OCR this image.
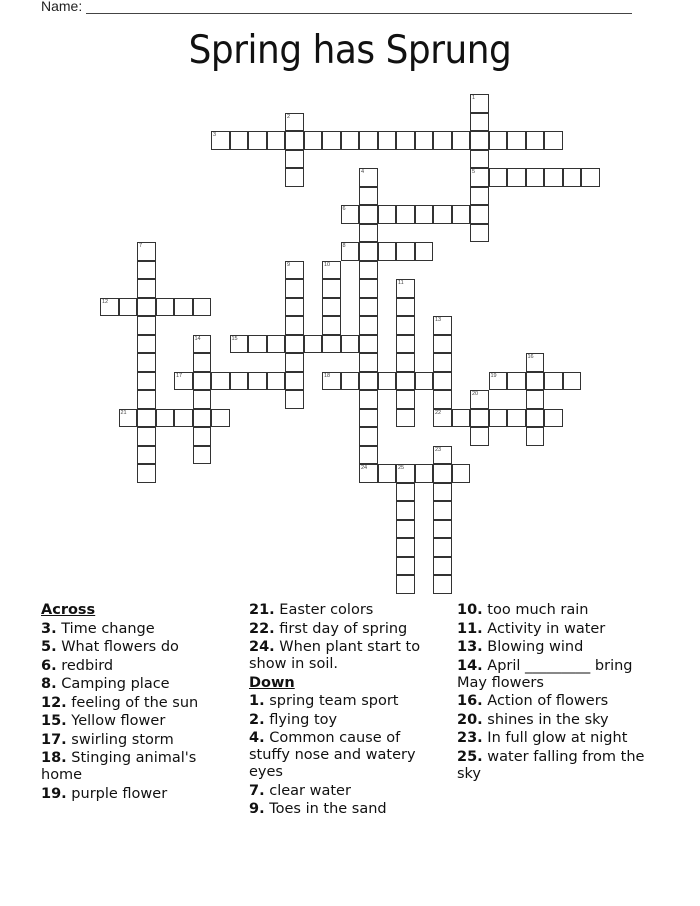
Name:
Spring has Sprung
1
5
2
3
4
24
6
7	8
9	10
11
12
13
22
14	15
16
17	18	19
20
21
23
25
Across
3. Time change
5. What flowers do
6. redbird
8. Camping place
12. feeling of the sun
15. Yellow flower
17. swirling storm
18. Stinging animal's home
19. purple flower
21. Easter colors
22. first day of spring
24. When plant start to show in soil.
Down
1. spring team sport
2. flying toy
4. Common cause of stuffy nose and watery eyes
7. clear water
9. Toes in the sand
10. too much rain
11. Activity in water
13. Blowing wind
14. April _________ bring May flowers
16. Action of flowers
20. shines in the sky
23. In full glow at night
25. water falling from the sky
